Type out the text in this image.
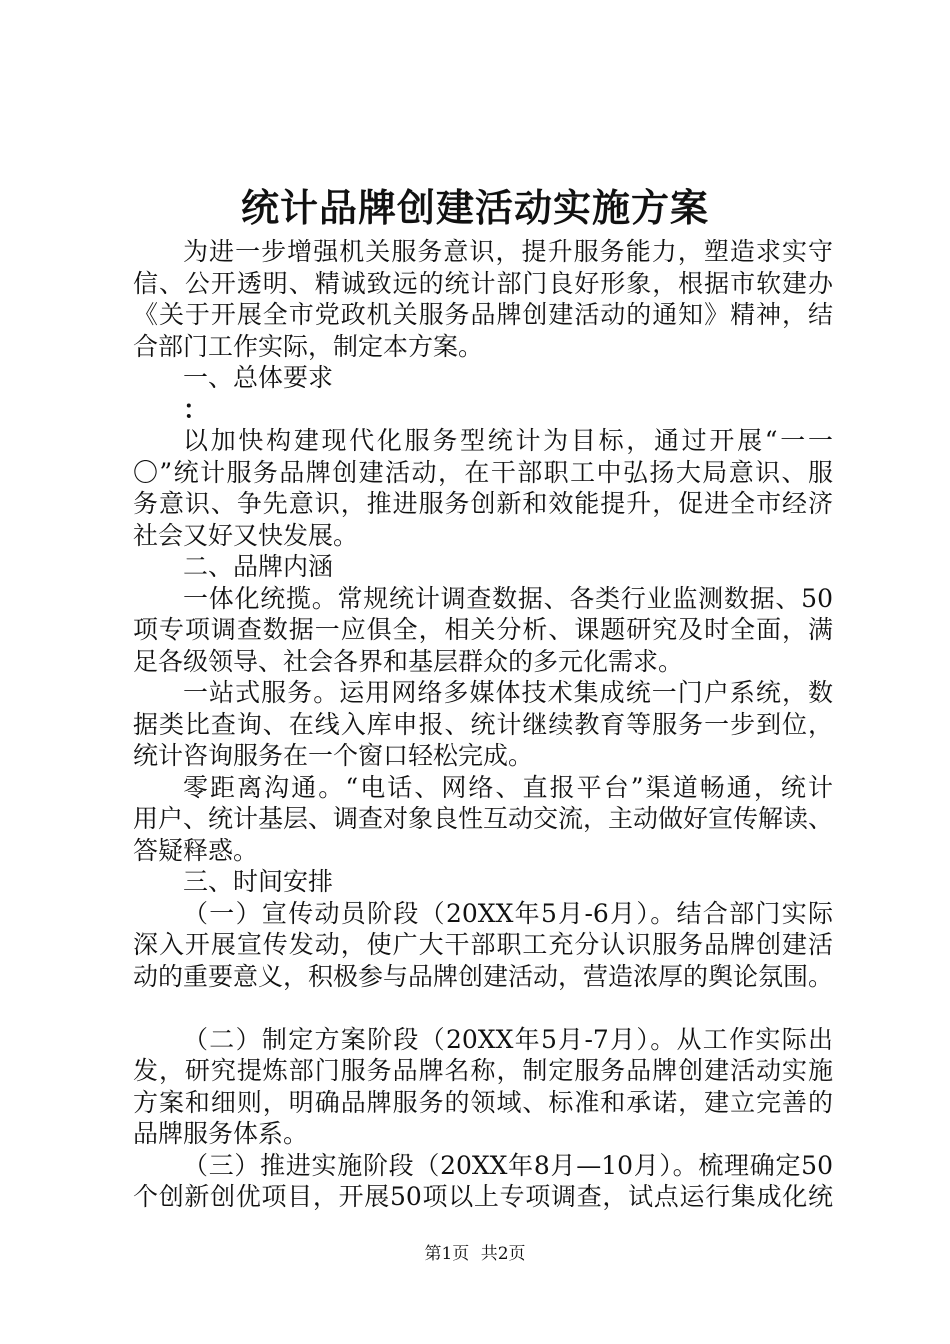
统计品牌创建活动实施方案
为进一步增强机关服务意识，提升服务能力，塑造求实守
信、公开透明、精诚致远的统计部门良好形象，根据市软建办
《关于开展全市党政机关服务品牌创建活动的通知》精神，结
合部门工作实际，制定本方案。
一、总体要求
：
以加快构建现代化服务型统计为目标，通过开展“一一
〇”统计服务品牌创建活动，在干部职工中弘扬大局意识、服
务意识、争先意识，推进服务创新和效能提升，促进全市经济
社会又好又快发展。
二、品牌内涵
一体化统揽。常规统计调查数据、各类行业监测数据、50
项专项调查数据一应俱全，相关分析、课题研究及时全面，满
足各级领导、社会各界和基层群众的多元化需求。
一站式服务。运用网络多媒体技术集成统一门户系统，数
据类比查询、在线入库申报、统计继续教育等服务一步到位，
统计咨询服务在一个窗口轻松完成。
零距离沟通。“电话、网络、直报平台”渠道畅通，统计
用户、统计基层、调查对象良性互动交流，主动做好宣传解读、
答疑释惑。
三、时间安排
（一）宣传动员阶段（20XX年5月-6月）。结合部门实际
深入开展宣传发动，使广大干部职工充分认识服务品牌创建活
动的重要意义，积极参与品牌创建活动，营造浓厚的舆论氛围。
（二）制定方案阶段（20XX年5月-7月）。从工作实际出
发，研究提炼部门服务品牌名称，制定服务品牌创建活动实施
方案和细则，明确品牌服务的领域、标准和承诺，建立完善的
品牌服务体系。
（三）推进实施阶段（20XX年8月—10月）。梳理确定50
个创新创优项目，开展50项以上专项调查，试点运行集成化统
第1页 共2页
